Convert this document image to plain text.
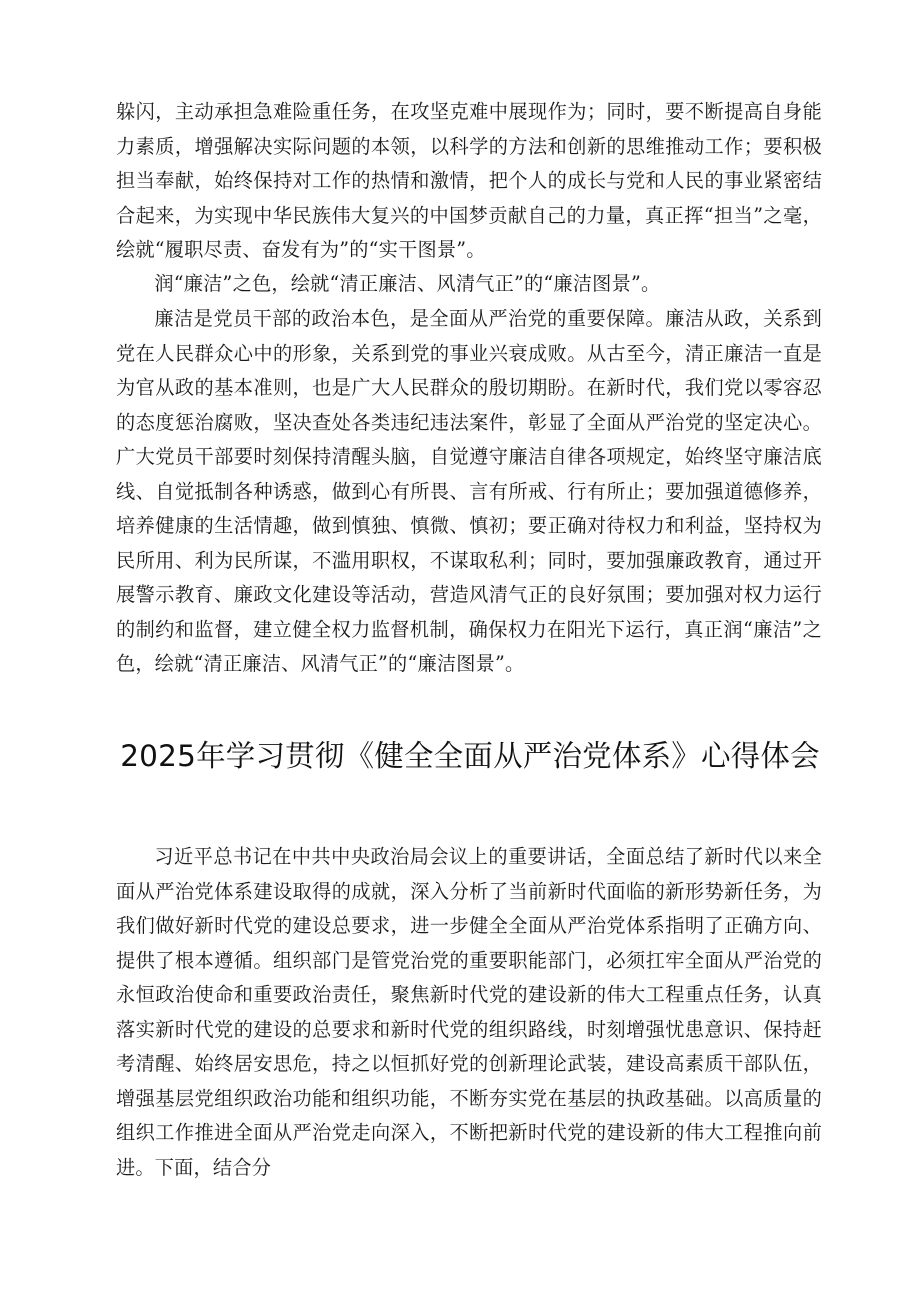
躲闪，主动承担急难险重任务，在攻坚克难中展现作为；同时，要不断提高自身能力素质，增强解决实际问题的本领，以科学的方法和创新的思维推动工作；要积极担当奉献，始终保持对工作的热情和激情，把个人的成长与党和人民的事业紧密结合起来，为实现中华民族伟大复兴的中国梦贡献自己的力量，真正挥“担当”之毫，绘就“履职尽责、奋发有为”的“实干图景”。

润“廉洁”之色，绘就“清正廉洁、风清气正”的“廉洁图景”。

廉洁是党员干部的政治本色，是全面从严治党的重要保障。廉洁从政，关系到党在人民群众心中的形象，关系到党的事业兴衰成败。从古至今，清正廉洁一直是为官从政的基本准则，也是广大人民群众的殷切期盼。在新时代，我们党以零容忍的态度惩治腐败，坚决查处各类违纪违法案件，彰显了全面从严治党的坚定决心。广大党员干部要时刻保持清醒头脑，自觉遵守廉洁自律各项规定，始终坚守廉洁底线、自觉抵制各种诱惑，做到心有所畏、言有所戒、行有所止；要加强道德修养，培养健康的生活情趣，做到慎独、慎微、慎初；要正确对待权力和利益，坚持权为民所用、利为民所谋，不滥用职权，不谋取私利；同时，要加强廉政教育，通过开展警示教育、廉政文化建设等活动，营造风清气正的良好氛围；要加强对权力运行的制约和监督，建立健全权力监督机制，确保权力在阳光下运行，真正润“廉洁”之色，绘就“清正廉洁、风清气正”的“廉洁图景”。

2025年学习贯彻《健全全面从严治党体系》心得体会

习近平总书记在中共中央政治局会议上的重要讲话，全面总结了新时代以来全面从严治党体系建设取得的成就，深入分析了当前新时代面临的新形势新任务，为我们做好新时代党的建设总要求，进一步健全全面从严治党体系指明了正确方向、提供了根本遵循。组织部门是管党治党的重要职能部门，必须扛牢全面从严治党的永恒政治使命和重要政治责任，聚焦新时代党的建设新的伟大工程重点任务，认真落实新时代党的建设的总要求和新时代党的组织路线，时刻增强忧患意识、保持赶考清醒、始终居安思危，持之以恒抓好党的创新理论武装，建设高素质干部队伍，增强基层党组织政治功能和组织功能，不断夯实党在基层的执政基础。以高质量的组织工作推进全面从严治党走向深入，不断把新时代党的建设新的伟大工程推向前进。下面，结合分
